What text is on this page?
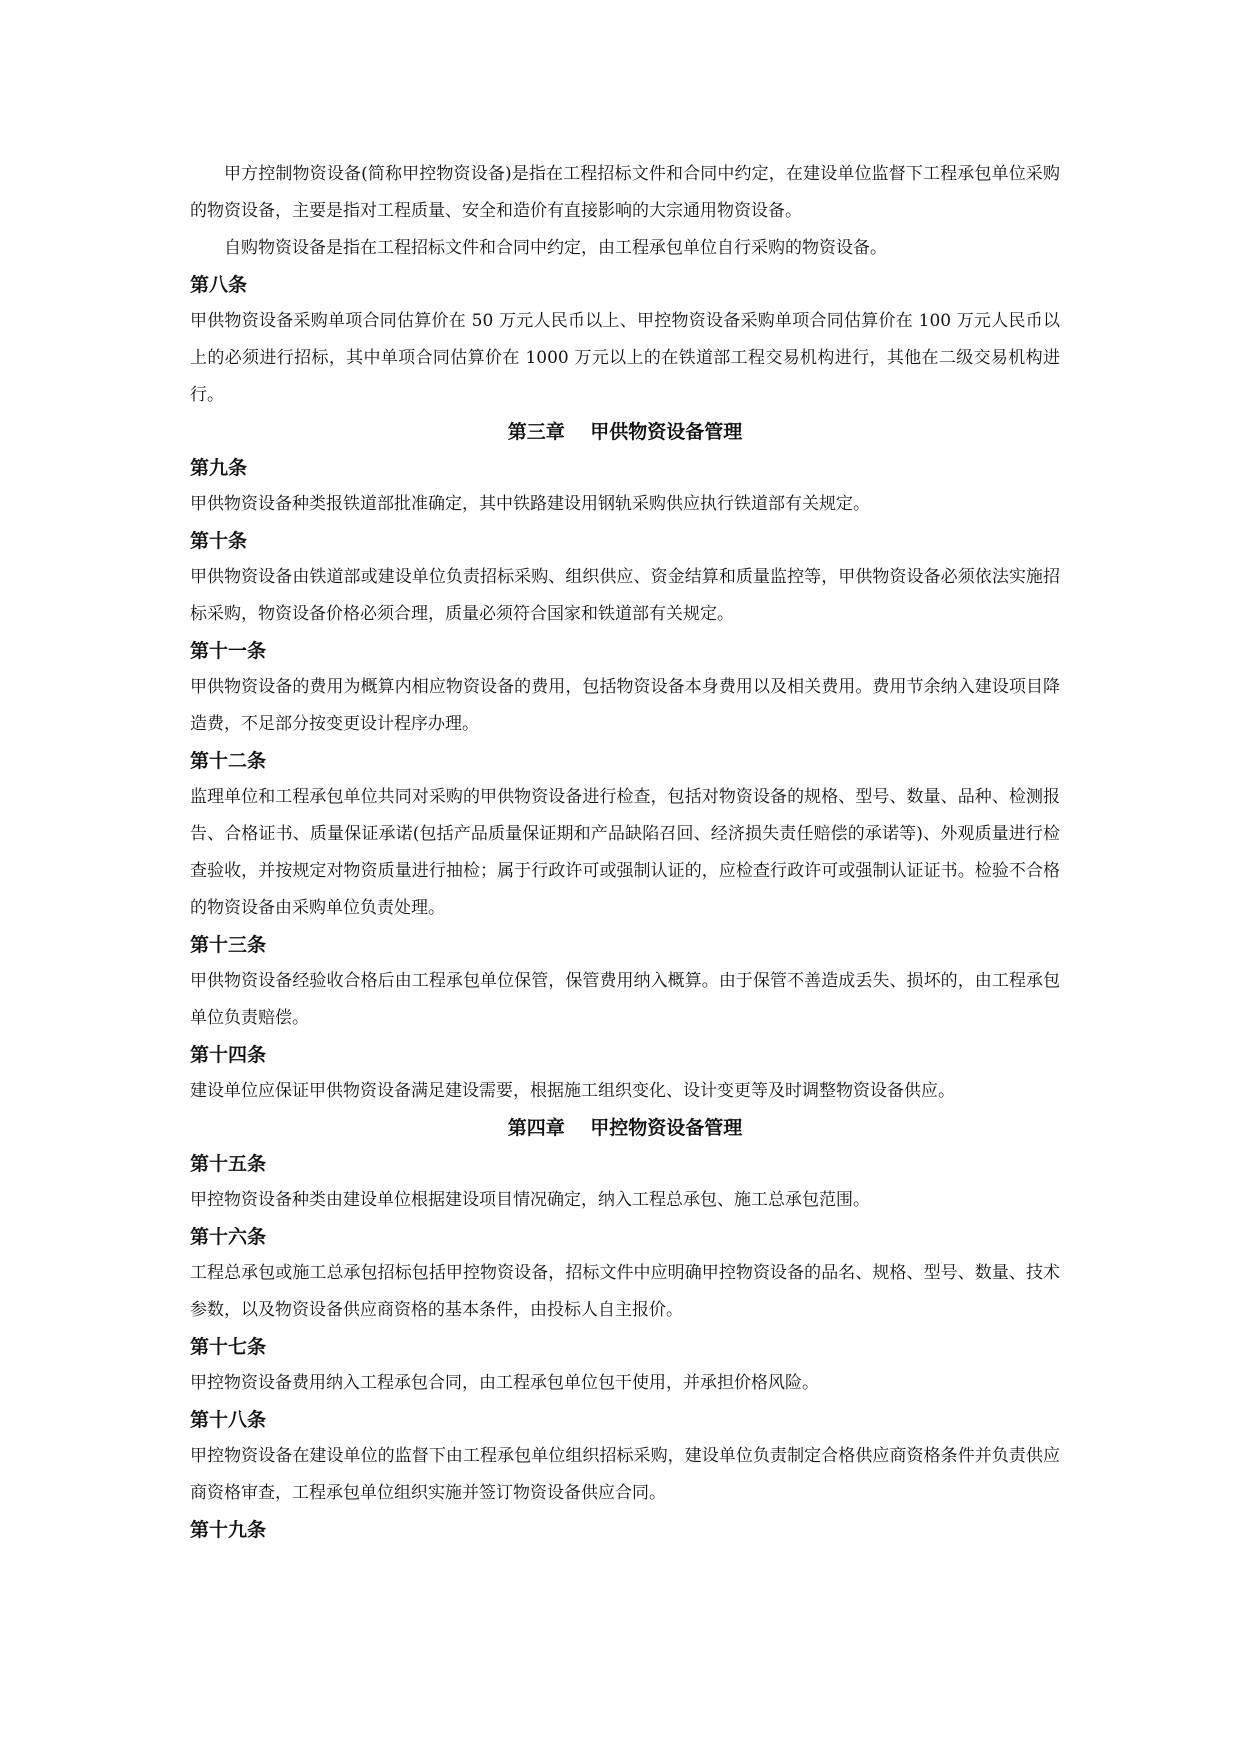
甲方控制物资设备(简称甲控物资设备)是指在工程招标文件和合同中约定，在建设单位监督下工程承包单位采购的物资设备，主要是指对工程质量、安全和造价有直接影响的大宗通用物资设备。

自购物资设备是指在工程招标文件和合同中约定，由工程承包单位自行采购的物资设备。

第八条

甲供物资设备采购单项合同估算价在 50 万元人民币以上、甲控物资设备采购单项合同估算价在 100 万元人民币以上的必须进行招标，其中单项合同估算价在 1000 万元以上的在铁道部工程交易机构进行，其他在二级交易机构进行。

第三章　 甲供物资设备管理
第九条

甲供物资设备种类报铁道部批准确定，其中铁路建设用钢轨采购供应执行铁道部有关规定。

第十条

甲供物资设备由铁道部或建设单位负责招标采购、组织供应、资金结算和质量监控等，甲供物资设备必须依法实施招标采购，物资设备价格必须合理，质量必须符合国家和铁道部有关规定。

第十一条

甲供物资设备的费用为概算内相应物资设备的费用，包括物资设备本身费用以及相关费用。费用节余纳入建设项目降造费，不足部分按变更设计程序办理。

第十二条

监理单位和工程承包单位共同对采购的甲供物资设备进行检查，包括对物资设备的规格、型号、数量、品种、检测报告、合格证书、质量保证承诺(包括产品质量保证期和产品缺陷召回、经济损失责任赔偿的承诺等)、外观质量进行检查验收，并按规定对物资质量进行抽检；属于行政许可或强制认证的，应检查行政许可或强制认证证书。检验不合格的物资设备由采购单位负责处理。

第十三条

甲供物资设备经验收合格后由工程承包单位保管，保管费用纳入概算。由于保管不善造成丢失、损坏的，由工程承包单位负责赔偿。

第十四条

建设单位应保证甲供物资设备满足建设需要，根据施工组织变化、设计变更等及时调整物资设备供应。

第四章　 甲控物资设备管理
第十五条

甲控物资设备种类由建设单位根据建设项目情况确定，纳入工程总承包、施工总承包范围。

第十六条

工程总承包或施工总承包招标包括甲控物资设备，招标文件中应明确甲控物资设备的品名、规格、型号、数量、技术参数，以及物资设备供应商资格的基本条件，由投标人自主报价。

第十七条

甲控物资设备费用纳入工程承包合同，由工程承包单位包干使用，并承担价格风险。

第十八条

甲控物资设备在建设单位的监督下由工程承包单位组织招标采购，建设单位负责制定合格供应商资格条件并负责供应商资格审查，工程承包单位组织实施并签订物资设备供应合同。

第十九条
